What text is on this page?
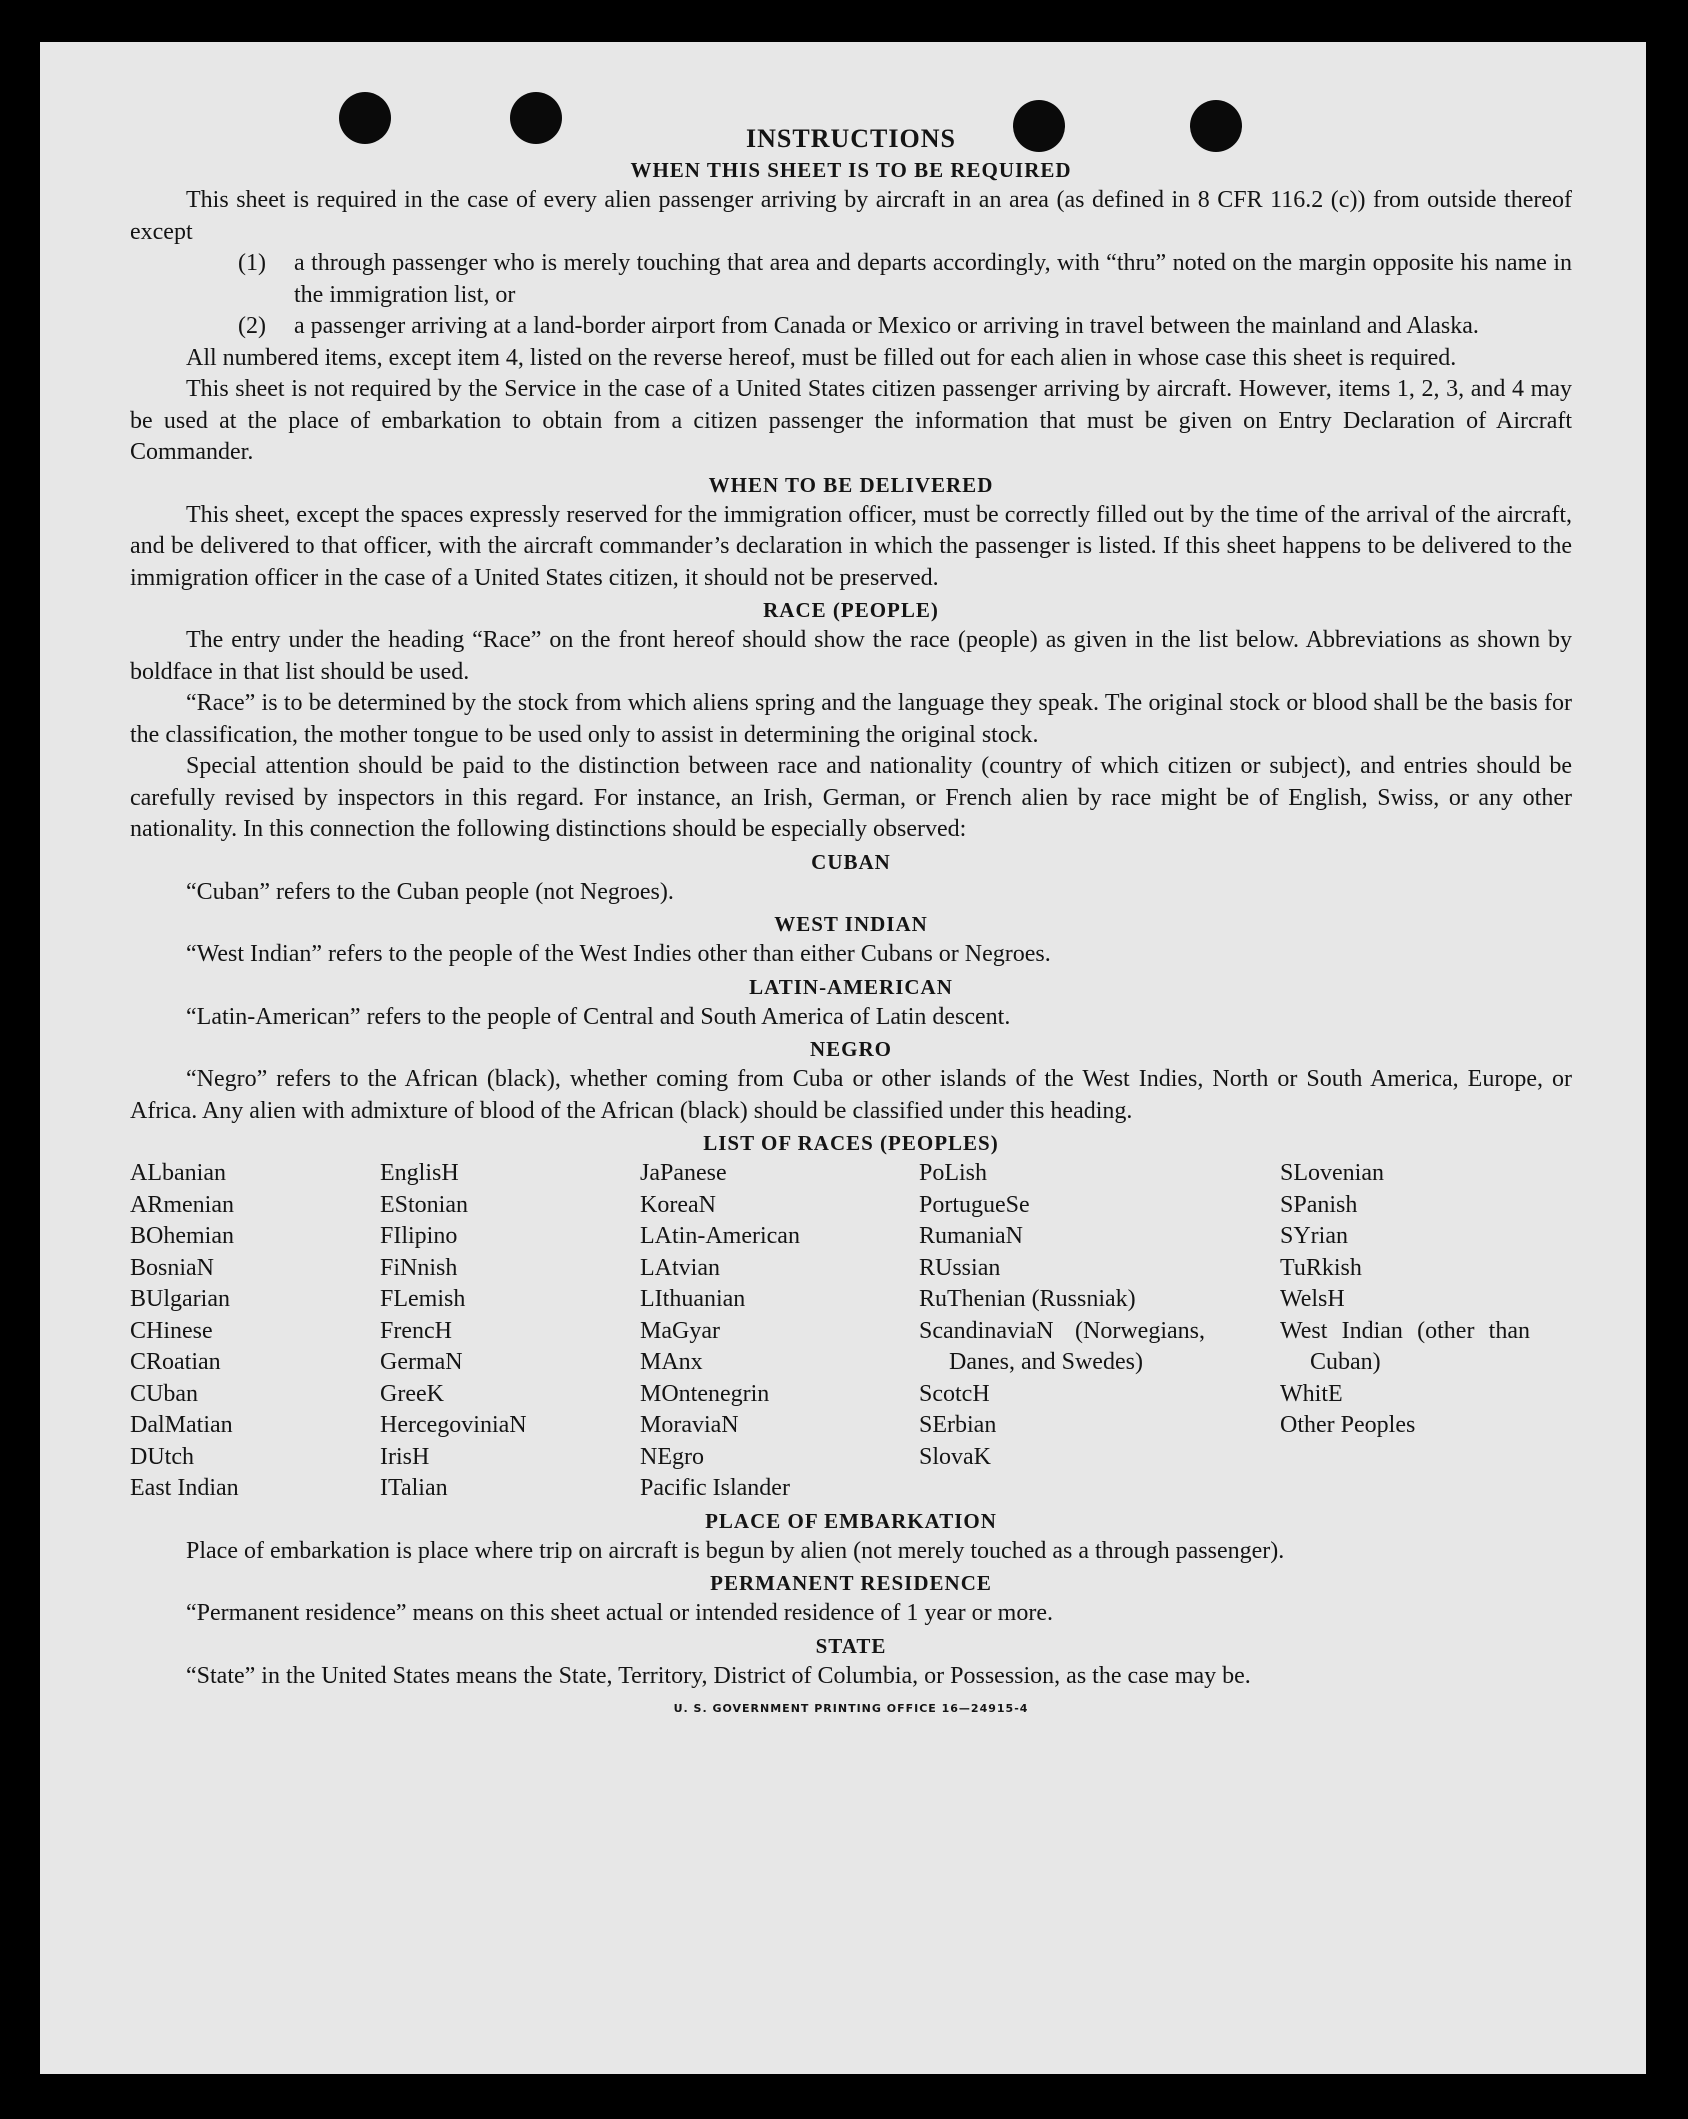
INSTRUCTIONS
WHEN THIS SHEET IS TO BE REQUIRED

This sheet is required in the case of every alien passenger arriving by aircraft in an area (as defined in 8 CFR 116.2 (c)) from outside thereof except

(1)	a through passenger who is merely touching that area and departs accordingly, with “thru” noted on the margin opposite his name in the immigration list, or
(2)	a passenger arriving at a land-border airport from Canada or Mexico or arriving in travel between the mainland and Alaska.

All numbered items, except item 4, listed on the reverse hereof, must be filled out for each alien in whose case this sheet is required.

This sheet is not required by the Service in the case of a United States citizen passenger arriving by aircraft. However, items 1, 2, 3, and 4 may be used at the place of embarkation to obtain from a citizen passenger the information that must be given on Entry Declaration of Aircraft Commander.

WHEN TO BE DELIVERED

This sheet, except the spaces expressly reserved for the immigration officer, must be correctly filled out by the time of the arrival of the aircraft, and be delivered to that officer, with the aircraft commander’s declaration in which the passenger is listed. If this sheet happens to be delivered to the immigration officer in the case of a United States citizen, it should not be preserved.

RACE (PEOPLE)

The entry under the heading “Race” on the front hereof should show the race (people) as given in the list below. Abbreviations as shown by boldface in that list should be used.

“Race” is to be determined by the stock from which aliens spring and the language they speak. The original stock or blood shall be the basis for the classification, the mother tongue to be used only to assist in determining the original stock.

Special attention should be paid to the distinction between race and nationality (country of which citizen or subject), and entries should be carefully revised by inspectors in this regard. For instance, an Irish, German, or French alien by race might be of English, Swiss, or any other nationality. In this connection the following distinctions should be especially observed:

CUBAN

“Cuban” refers to the Cuban people (not Negroes).

WEST INDIAN

“West Indian” refers to the people of the West Indies other than either Cubans or Negroes.

LATIN-AMERICAN

“Latin-American” refers to the people of Central and South America of Latin descent.

NEGRO

“Negro” refers to the African (black), whether coming from Cuba or other islands of the West Indies, North or South America, Europe, or Africa. Any alien with admixture of blood of the African (black) should be classified under this heading.

LIST OF RACES (PEOPLES)
ALbanian
ARmenian
BOhemian
BosniaN
BUlgarian
CHinese
CRoatian
CUban
DalMatian
DUtch
East Indian
EnglisH
EStonian
FIlipino
FiNnish
FLemish
FrencH
GermaN
GreeK
HercegoviniaN
IrisH
ITalian
JaPanese
KoreaN
LAtin-American
LAtvian
LIthuanian
MaGyar
MAnx
MOntenegrin
MoraviaN
NEgro
Pacific Islander
PoLish
PortugueSe
RumaniaN
RUssian
RuThenian (Russniak)
ScandinaviaN (Norwegians, Danes, and Swedes)
ScotcH
SErbian
SlovaK
SLovenian
SPanish
SYrian
TuRkish
WelsH
West Indian (other than Cuban)
WhitE
Other Peoples
PLACE OF EMBARKATION

Place of embarkation is place where trip on aircraft is begun by alien (not merely touched as a through passenger).

PERMANENT RESIDENCE

“Permanent residence” means on this sheet actual or intended residence of 1 year or more.

STATE

“State” in the United States means the State, Territory, District of Columbia, or Possession, as the case may be.

U. S. GOVERNMENT PRINTING OFFICE 16—24915-4
